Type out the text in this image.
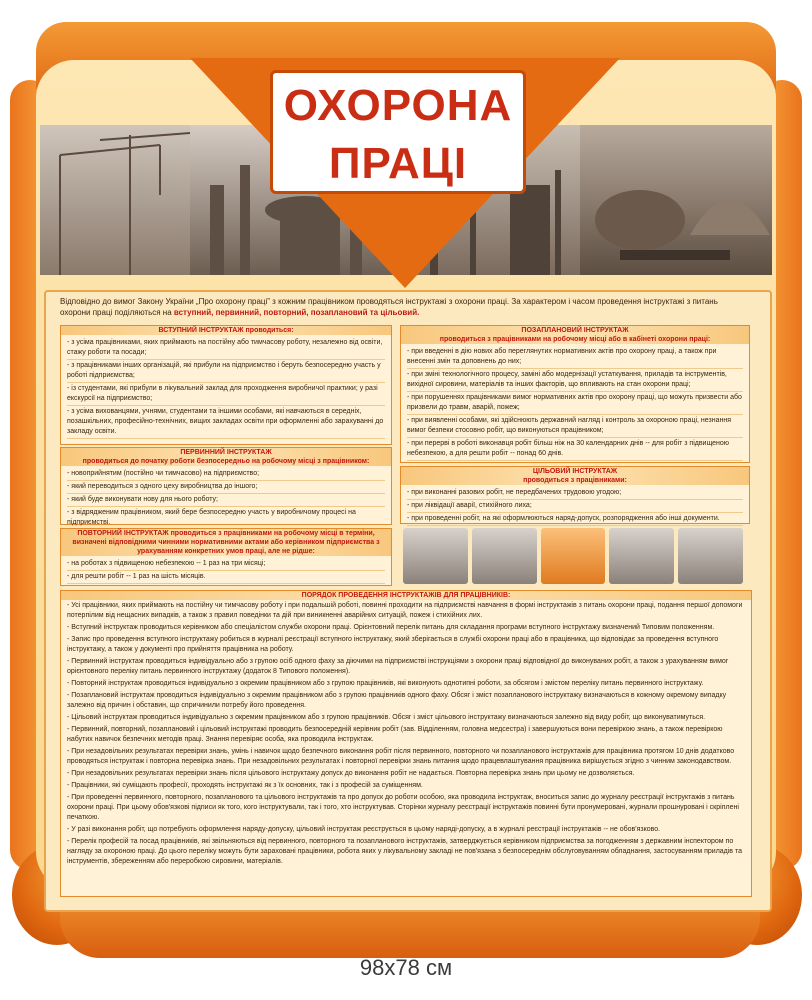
ОХОРОНА
ПРАЦІ
Відповідно до вимог Закону України „Про охорону праці” з кожним працівником проводяться інструктажі з охорони праці. За характером і часом проведення інструктажі з питань охорони праці поділяються на вступний, первинний, повторний, позаплановий та цільовий.
ВСТУПНИЙ ІНСТРУКТАЖ проводиться:
- з усіма працівниками, яких приймають на постійну або тимчасову роботу, незалежно від освіти, стажу роботи та посади;
- з працівниками інших організацій, які прибули на підприємство і беруть безпосередню участь у роботі підприємства;
- із студентами, які прибули в лікувальний заклад для проходження виробничої практики; у разі екскурсії на підприємство;
- з усіма вихованцями, учнями, студентами та іншими особами, які навчаються в середніх, позашкільних, професійно-технічних, вищих закладах освіти при оформленні або зарахуванні до закладу освіти.
ПЕРВИННИЙ ІНСТРУКТАЖ
проводиться до початку роботи безпосередньо на робочому місці з працівником:
- новоприйнятим (постійно чи тимчасово) на підприємство;
- який переводиться з одного цеху виробництва до іншого;
- який буде виконувати нову для нього роботу;
- з відрядженим працівником, який бере безпосередню участь у виробничому процесі на підприємстві.
ПОВТОРНИЙ ІНСТРУКТАЖ проводиться з працівниками на робочому місці в терміни, визначені відповідними чинними нормативними актами або керівником підприємства з урахуванням конкретних умов праці, але не рідше:
- на роботах з підвищеною небезпекою -- 1 раз на три місяці;
- для решти робіт -- 1 раз на шість місяців.
ПОЗАПЛАНОВИЙ ІНСТРУКТАЖ
проводиться з працівниками на робочому місці або в кабінеті охорони праці:
- при введенні в дію нових або переглянутих нормативних актів про охорону праці, а також при внесенні змін та доповнень до них;
- при зміні технологічного процесу, заміні або модернізації устаткування, приладів та інструментів, вихідної сировини, матеріалів та інших факторів, що впливають на стан охорони праці;
- при порушеннях працівниками вимог нормативних актів про охорону праці, що можуть призвести або призвели до травм, аварій, пожеж;
- при виявленні особами, які здійснюють державний нагляд і контроль за охороною праці, незнання вимог безпеки стосовно робіт, що виконуються працівником;
- при перерві в роботі виконавця робіт більш ніж на 30 календарних днів -- для робіт з підвищеною небезпекою, а для решти робіт -- понад 60 днів.
ЦІЛЬОВИЙ ІНСТРУКТАЖ
проводиться з працівниками:
- при виконанні разових робіт, не передбачених трудовою угодою;
- при ліквідації аварії, стихійного лиха;
- при проведенні робіт, на які оформлюються наряд-допуск, розпорядження або інші документи.
ПОРЯДОК ПРОВЕДЕННЯ ІНСТРУКТАЖІВ ДЛЯ ПРАЦІВНИКІВ:
- Усі працівники, яких приймають на постійну чи тимчасову роботу і при подальшій роботі, повинні проходити на підприємстві навчання в формі інструктажів з питань охорони праці, подання першої допомоги потерпілим від нещасних випадків, а також з правил поведінки та дій при виникненні аварійних ситуацій, пожеж і стихійних лих.
- Вступний інструктаж проводиться керівником або спеціалістом служби охорони праці. Орієнтовний перелік питань для складання програми вступного інструктажу визначений Типовим положенням.
- Запис про проведення вступного інструктажу робиться в журналі реєстрації вступного інструктажу, який зберігається в службі охорони праці або в працівника, що відповідає за проведення вступного інструктажу, а також у документі про прийняття працівника на роботу.
- Первинний інструктаж проводиться індивідуально або з групою осіб одного фаху за діючими на підприємстві інструкціями з охорони праці відповідної до виконуваних робіт, а також з урахуванням вимог орієнтовного переліку питань первинного інструктажу (додаток 8 Типового положення).
- Повторний інструктаж проводиться індивідуально з окремим працівником або з групою працівників, які виконують однотипні роботи, за обсягом і змістом переліку питань первинного інструктажу.
- Позаплановий інструктаж проводиться індивідуально з окремим працівником або з групою працівників одного фаху. Обсяг і зміст позапланового інструктажу визначаються в кожному окремому випадку залежно від причин і обставин, що спричинили потребу його проведення.
- Цільовий інструктаж проводиться індивідуально з окремим працівником або з групою працівників. Обсяг і зміст цільового інструктажу визначаються залежно від виду робіт, що виконуватимуться.
- Первинний, повторний, позаплановий і цільовий інструктажі проводить безпосередній керівник робіт (зав. Відділенням, головна медсестра) і завершуються вони перевіркою знань, а також перевіркою набутих навичок безпечних методів праці. Знання перевіряє особа, яка проводила інструктаж.
- При незадовільних результатах перевірки знань, умінь і навичок щодо безпечного виконання робіт після первинного, повторного чи позапланового інструктажів для працівника протягом 10 днів додатково проводяться інструктаж і повторна перевірка знань. При незадовільних результатах і повторної перевірки знань питання щодо працевлаштування працівника вирішується згідно з чинним законодавством.
- При незадовільних результатах перевірки знань після цільового інструктажу допуск до виконання робіт не надається. Повторна перевірка знань при цьому не дозволяється.
- Працівники, які суміщають професії, проходять інструктажі як з їх основних, так і з професій за суміщенням.
- При проведенні первинного, повторного, позапланового та цільового інструктажів та про допуск до роботи особою, яка проводила інструктаж, вноситься запис до журналу реєстрації інструктажів з питань охорони праці. При цьому обов'язкові підписи як того, кого інструктували, так і того, хто інструктував. Сторінки журналу реєстрації інструктажів повинні бути пронумеровані, журнали прошнуровані і скріплені печаткою.
- У разі виконання робіт, що потребують оформлення наряду-допуску, цільовий інструктаж реєструється в цьому наряді-допуску, а в журналі реєстрації інструктажів -- не обов'язково.
- Перелік професій та посад працівників, які звільняються від первинного, повторного та позапланового інструктажів, затверджується керівником підприємства за погодженням з державним інспектором по нагляду за охороною праці. До цього переліку можуть бути зараховані працівники, робота яких у лікувальному закладі не пов'язана з безпосереднім обслуговуванням обладнання, застосуванням приладів та інструментів, збереженням або переробкою сировини, матеріалів.
98x78 см
